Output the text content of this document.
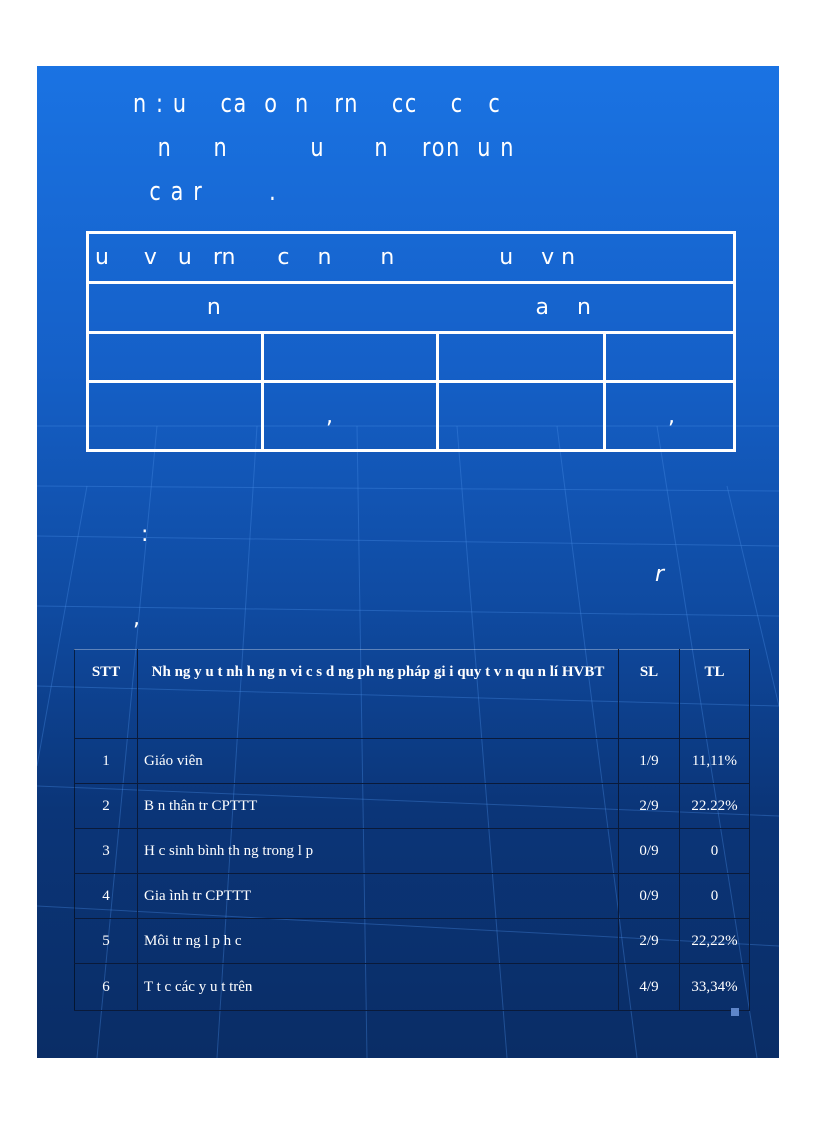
n : u    ca  o  n   rn    cc    c   c
n     n          u      n    ron  u n
c a r        .
u     v   u   rn      c    n       n               u    v n			
n                                             a    n			

	,		,
:
r
,
STT	Nh ng y u t nh h ng n vi c s d ng ph ng pháp gi i quy t v n qu n lí HVBT	SL	TL
1	Giáo viên	1/9	11,11%
2	B n thân tr CPTTT	2/9	22.22%
3	H c sinh bình th ng trong l p	0/9	0
4	Gia ình tr CPTTT	0/9	0
5	Môi tr ng l p h c	2/9	22,22%
6	T t c các y u t trên	4/9	33,34%
